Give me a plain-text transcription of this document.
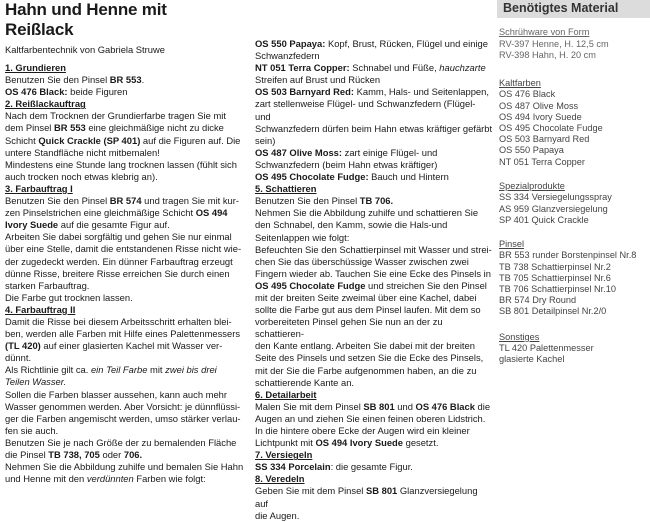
Hahn und Henne mit
Reißlack

Kaltfarbentechnik von Gabriela Struwe

1. Grundieren

Benutzen Sie den Pinsel BR 553.

OS 476 Black: beide Figuren

2. Reißlackauftrag

Nach dem Trocknen der Grundierfarbe tragen Sie mit

dem Pinsel BR 553 eine gleichmäßige nicht zu dicke

Schicht Quick Crackle (SP 401) auf die Figuren auf. Die

untere Standfläche nicht mitbemalen!

Mindestens eine Stunde lang trocknen lassen (fühlt sich

auch trocken noch etwas klebrig an).

3. Farbauftrag I

Benutzen Sie den Pinsel BR 574 und tragen Sie mit kur-

zen Pinselstrichen eine gleichmäßige Schicht OS 494

Ivory Suede auf die gesamte Figur auf.

Arbeiten Sie dabei sorgfältig und gehen Sie nur einmal

über eine Stelle, damit die entstandenen Risse nicht wie-

der zugedeckt werden. Ein dünner Farbauftrag erzeugt

dünne Risse, breitere Risse erreichen Sie durch einen

starken Farbauftrag.

Die Farbe gut trocknen lassen.

4. Farbauftrag II

Damit die Risse bei diesem Arbeitsschritt erhalten blei-

ben, werden alle Farben mit Hilfe eines Palettenmessers

(TL 420) auf einer glasierten Kachel mit Wasser ver-

dünnt.

Als Richtlinie gilt ca. ein Teil Farbe mit zwei bis drei

Teilen Wasser.

Sollen die Farben blasser aussehen, kann auch mehr

Wasser genommen werden. Aber Vorsicht: je dünnflüssi-

ger die Farben angemischt werden, umso stärker verlau-

fen sie auch.

Benutzen Sie je nach Größe der zu bemalenden Fläche

die Pinsel TB 738, 705 oder 706.

Nehmen Sie die Abbildung zuhilfe und bemalen Sie Hahn

und Henne mit den verdünnten Farben wie folgt:

OS 550 Papaya: Kopf, Brust, Rücken, Flügel und einige

Schwanzfedern

NT 051 Terra Copper: Schnabel und Füße, hauchzarte

Streifen auf Brust und Rücken

OS 503 Barnyard Red: Kamm, Hals- und Seitenlappen,

zart stellenweise Flügel- und Schwanzfedern (Flügel- und

Schwanzfedern dürfen beim Hahn etwas kräftiger gefärbt

sein)

OS 487 Olive Moss: zart einige Flügel- und

Schwanzfedern (beim Hahn etwas kräftiger)

OS 495 Chocolate Fudge: Bauch und Hintern

5. Schattieren

Benutzen Sie den Pinsel TB 706.

Nehmen Sie die Abbildung zuhilfe und schattieren Sie

den Schnabel, den Kamm, sowie die Hals-und

Seitenlappen wie folgt:

Befeuchten Sie den Schattierpinsel mit Wasser und strei-

chen Sie das überschüssige Wasser zwischen zwei

Fingern wieder ab. Tauchen Sie eine Ecke des Pinsels in

OS 495 Chocolate Fudge und streichen Sie den Pinsel

mit der breiten Seite zweimal über eine Kachel, dabei

sollte die Farbe gut aus dem Pinsel laufen. Mit dem so

vorbereiteten Pinsel gehen Sie nun an der zu schattieren-

den Kante entlang. Arbeiten Sie dabei mit der breiten

Seite des Pinsels und setzen Sie die Ecke des Pinsels,

mit der Sie die Farbe aufgenommen haben, an die zu

schattierende Kante an.

6. Detailarbeit

Malen Sie mit dem Pinsel SB 801 und OS 476 Black die

Augen an und ziehen Sie einen feinen oberen Lidstrich.

In die hintere obere Ecke der Augen wird ein kleiner

Lichtpunkt mit OS 494 Ivory Suede gesetzt.

7. Versiegeln

SS 334 Porcelain: die gesamte Figur.

8. Veredeln

Geben Sie mit dem Pinsel SB 801 Glanzversiegelung auf

die Augen.

Benötigtes Material

Schrühware von Form

RV-397 Henne, H. 12,5 cm

RV-398 Hahn, H. 20 cm

Kaltfarben

OS 476 Black

OS 487 Olive Moss

OS 494 Ivory Suede

OS 495 Chocolate Fudge

OS 503 Barnyard Red

OS 550 Papaya

NT 051 Terra Copper

Spezialprodukte

SS 334 Versiegelungsspray

AS 959 Glanzversiegelung

SP 401 Quick Crackle

Pinsel

BR 553 runder Borstenpinsel Nr.8

TB 738 Schattierpinsel Nr.2

TB 705 Schattierpinsel Nr.6

TB 706 Schattierpinsel Nr.10

BR 574 Dry Round

SB 801 Detailpinsel Nr.2/0

Sonstiges

TL 420 Palettenmesser

glasierte Kachel
